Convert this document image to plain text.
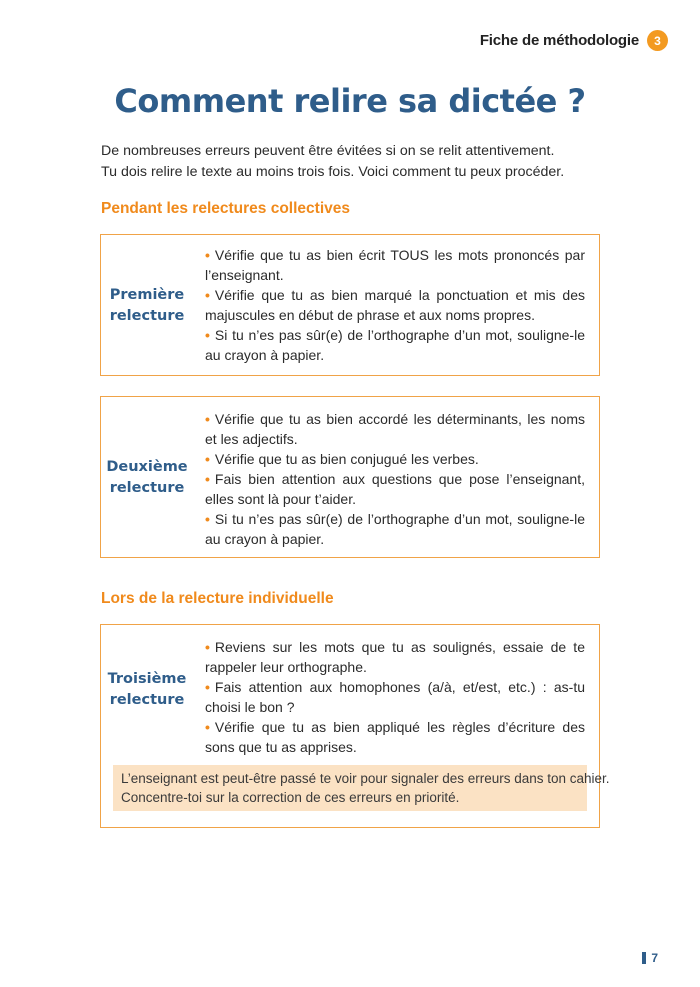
Fiche de méthodologie	3
Comment relire sa dictée ?

De nombreuses erreurs peuvent être évitées si on se relit attentivement.

Tu dois relire le texte au moins trois fois. Voici comment tu peux procéder.

Pendant les relectures collectives
Première
relecture
• Vérifie que tu as bien écrit TOUS les mots prononcés par l’enseignant.
• Vérifie que tu as bien marqué la ponctuation et mis des majuscules en début de phrase et aux noms propres.
• Si tu n’es pas sûr(e) de l’orthographe d’un mot, souligne-le au crayon à papier.
Deuxième
relecture
• Vérifie que tu as bien accordé les déterminants, les noms et les adjectifs.
• Vérifie que tu as bien conjugué les verbes.
• Fais bien attention aux questions que pose l’enseignant, elles sont là pour t’aider.
• Si tu n’es pas sûr(e) de l’orthographe d’un mot, souligne-le au crayon à papier.
Lors de la relecture individuelle
Troisième
relecture
• Reviens sur les mots que tu as soulignés, essaie de te rappeler leur orthographe.
• Fais attention aux homophones (a/à, et/est, etc.) : as-tu choisi le bon ?
• Vérifie que tu as bien appliqué les règles d’écriture des sons que tu as apprises.

L’enseignant est peut-être passé te voir pour signaler des erreurs dans ton cahier.

Concentre-toi sur la correction de ces erreurs en priorité.

7
